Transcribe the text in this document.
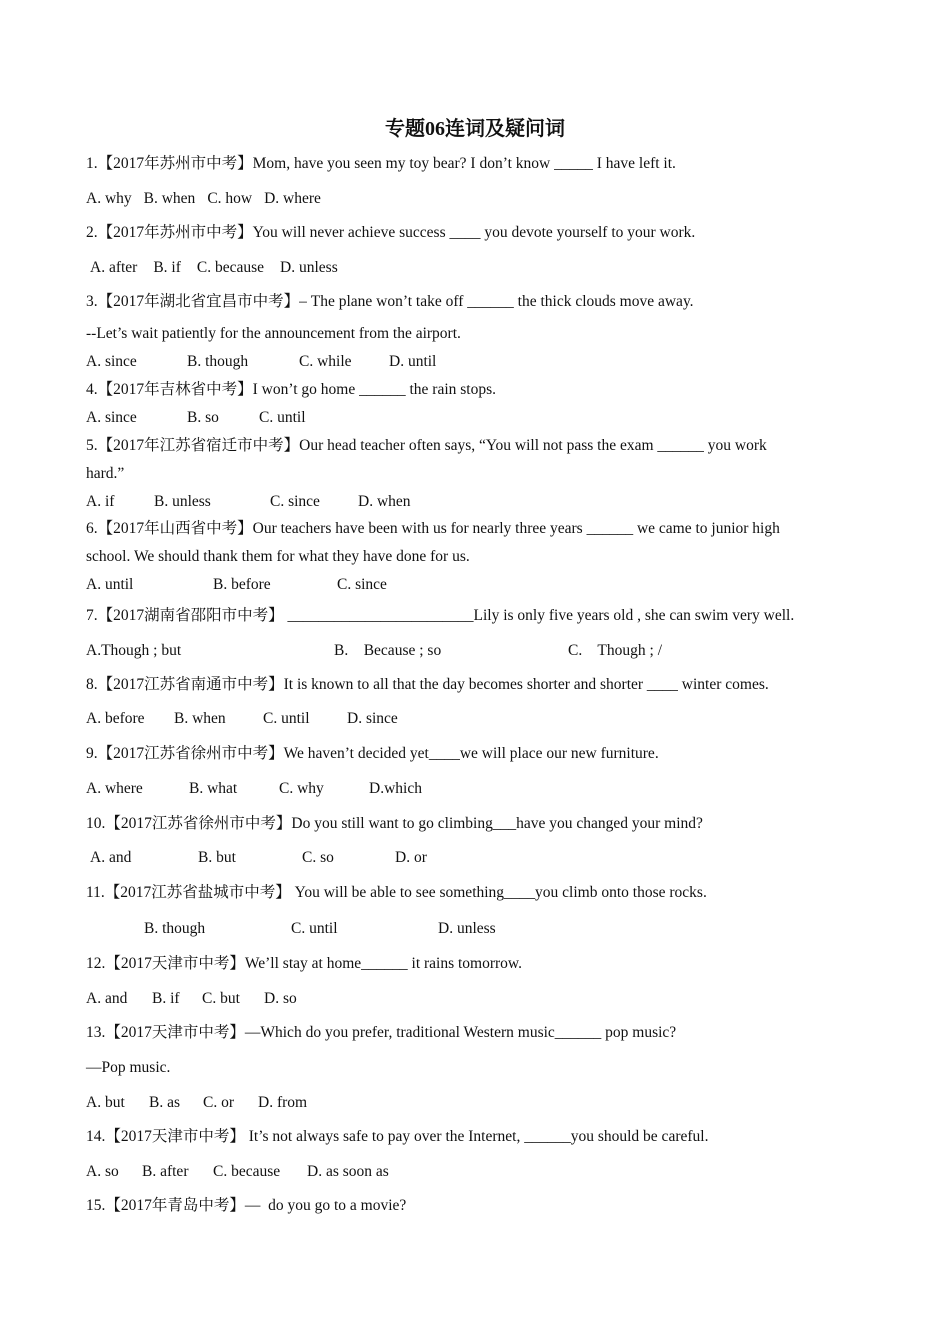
专题06连词及疑问词
1.【2017年苏州市中考】Mom, have you seen my toy bear? I don’t know _____ I have left it.
A. why B. when C. how D. where
2.【2017年苏州市中考】You will never achieve success ____ you devote yourself to your work.
A. after B. if C. because D. unless
3.【2017年湖北省宜昌市中考】– The plane won’t take off ______ the thick clouds move away.
--Let’s wait patiently for the announcement from the airport.
A. since	B. though	C. while D. until
4.【2017年吉林省中考】I won’t go home ______ the rain stops.
A. since	B. so	C. until
5.【2017年江苏省宿迁市中考】Our head teacher often says, “You will not pass the exam ______ you work
hard.”
A. if	B. unless	C. since D. when
6.【2017年山西省中考】Our teachers have been with us for nearly three years ______ we came to junior high
school. We should thank them for what they have done for us.
A. until	B. before	C. since
7.【2017湖南省邵阳市中考】 ________________________Lily is only five years old , she can swim very well.
A.Though ; but	B.    Because ; so	C.    Though ; /
8.【2017江苏省南通市中考】It is known to all that the day becomes shorter and shorter ____ winter comes.
A. before B. when C. until D. since
9.【2017江苏省徐州市中考】We haven’t decided yet____we will place our new furniture.
A. where	B. what	C. why	D.which
10.【2017江苏省徐州市中考】Do you still want to go climbing___have you changed your mind?
A. and	B. but	C. so	D. or
11.【2017江苏省盐城市中考】 You will be able to see something____you climb onto those rocks.
B. though	C. until	D. unless
12.【2017天津市中考】We’ll stay at home______ it rains tomorrow.
A. and B. if C. but D. so
13.【2017天津市中考】—Which do you prefer, traditional Western music______ pop music?
—Pop music.
A. but B. as C. or D. from
14.【2017天津市中考】 It’s not always safe to pay over the Internet, ______you should be careful.
A. so B. after C. because D. as soon as
15.【2017年青岛中考】—  do you go to a movie?
